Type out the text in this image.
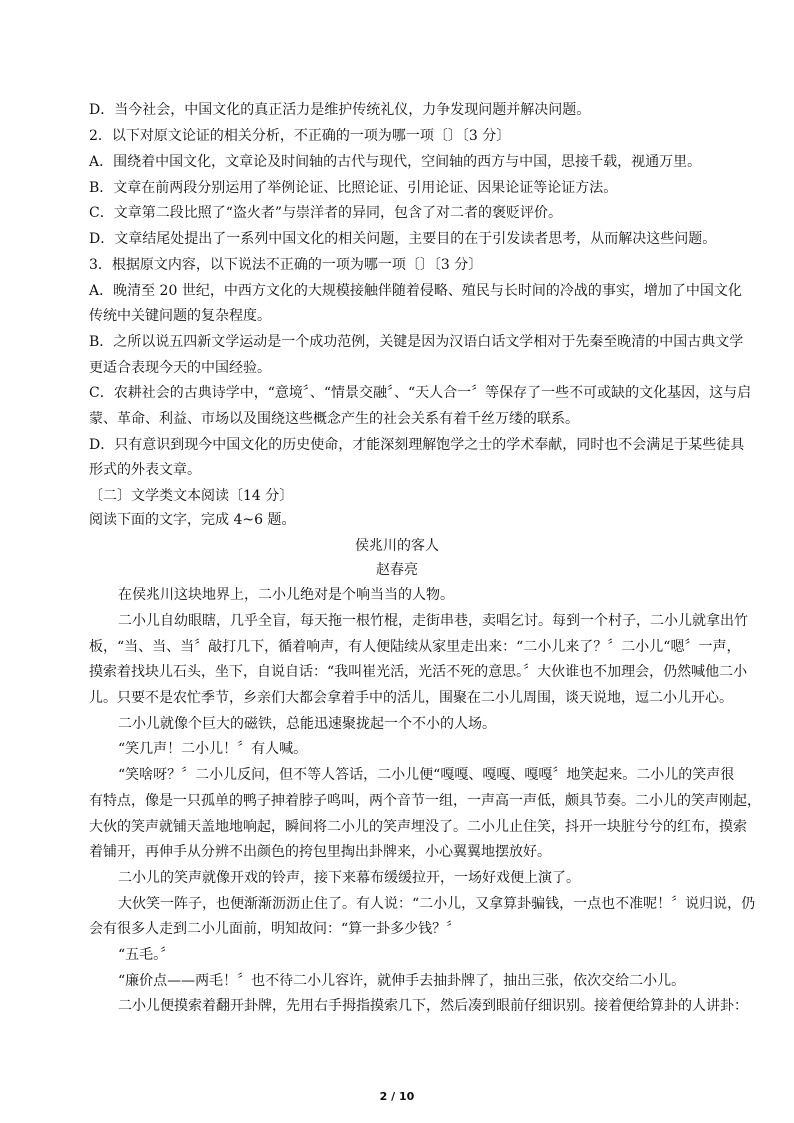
D．当今社会，中国文化的真正活力是维护传统礼仪，力争发现问题并解决问题。
2．以下对原文论证的相关分析，不正确的一项为哪一项〔〕〔3 分〕
A．围绕着中国文化，文章论及时间轴的古代与现代，空间轴的西方与中国，思接千载，视通万里。
B．文章在前两段分别运用了举例论证、比照论证、引用论证、因果论证等论证方法。
C．文章第二段比照了“盗火者”与崇洋者的异同，包含了对二者的褒贬评价。
D．文章结尾处提出了一系列中国文化的相关问题，主要目的在于引发读者思考，从而解决这些问题。
3．根据原文内容，以下说法不正确的一项为哪一项〔〕〔3 分〕
A．晚清至 20 世纪，中西方文化的大规模接触伴随着侵略、殖民与长时间的冷战的事实，增加了中国文化
传统中关键问题的复杂程度。
B．之所以说五四新文学运动是一个成功范例，关键是因为汉语白话文学相对于先秦至晚清的中国古典文学
更适合表现今天的中国经验。
C．农耕社会的古典诗学中，“意境〞、“情景交融〞、“天人合一〞等保存了一些不可或缺的文化基因，这与启
蒙、革命、利益、市场以及围绕这些概念产生的社会关系有着千丝万缕的联系。
D．只有意识到现今中国文化的历史使命，才能深刻理解饱学之士的学术奉献，同时也不会满足于某些徒具
形式的外表文章。
〔二〕文学类文本阅读〔14 分〕
阅读下面的文字，完成 4~6 题。
侯兆川的客人
赵春亮
在侯兆川这块地界上，二小儿绝对是个响当当的人物。
二小儿自幼眼瞎，几乎全盲，每天拖一根竹棍，走街串巷，卖唱乞讨。每到一个村子，二小儿就拿出竹
板，“当、当、当〞敲打几下，循着响声，有人便陆续从家里走出来：“二小儿来了？〞二小儿“嗯〞一声，
摸索着找块儿石头，坐下，自说自话：“我叫崔光活，光活不死的意思。〞大伙谁也不加理会，仍然喊他二小
儿。只要不是农忙季节，乡亲们大都会拿着手中的活儿，围聚在二小儿周围，谈天说地，逗二小儿开心。
二小儿就像个巨大的磁铁，总能迅速聚拢起一个不小的人场。
“笑几声！二小儿！〞有人喊。
“笑啥呀？〞二小儿反问，但不等人答话，二小儿便“嘎嘎、嘎嘎、嘎嘎〞地笑起来。二小儿的笑声很
有特点，像是一只孤单的鸭子抻着脖子鸣叫，两个音节一组，一声高一声低，颇具节奏。二小儿的笑声刚起，
大伙的笑声就铺天盖地地响起，瞬间将二小儿的笑声埋没了。二小儿止住笑，抖开一块脏兮兮的红布，摸索
着铺开，再伸手从分辨不出颜色的挎包里掏出卦牌来，小心翼翼地摆放好。
二小儿的笑声就像开戏的铃声，接下来幕布缓缓拉开，一场好戏便上演了。
大伙笑一阵子，也便渐渐沥沥止住了。有人说：“二小儿，又拿算卦骗钱，一点也不准呢！〞说归说，仍
会有很多人走到二小儿面前，明知故问：“算一卦多少钱？〞
“五毛。〞
“廉价点——两毛！〞也不待二小儿容许，就伸手去抽卦牌了，抽出三张，依次交给二小儿。
二小儿便摸索着翻开卦牌，先用右手拇指摸索几下，然后凑到眼前仔细识别。接着便给算卦的人讲卦：
2 / 10
